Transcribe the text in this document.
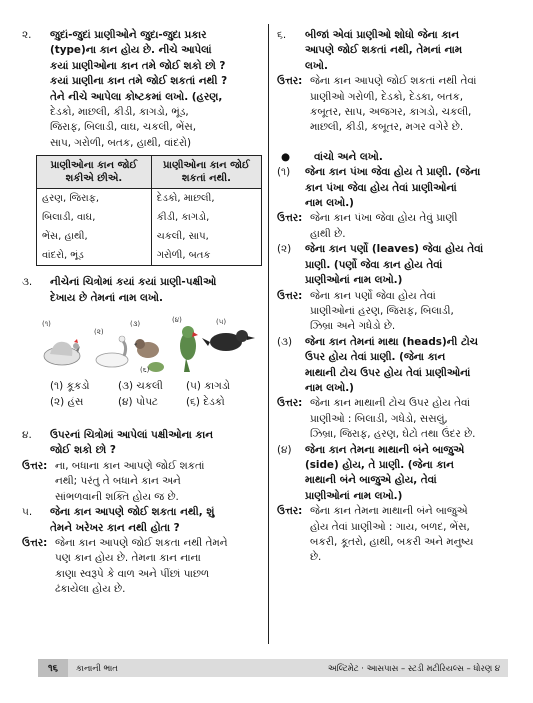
૨.	જુદાં-જુદાં પ્રાણીઓને જુદા-જુદા પ્રકાર
(type)ના કાન હોય છે. નીચે આપેલાં
કયાં પ્રાણીઓના કાન તમે જોઈ શકો છો ?
કયાં પ્રાણીના કાન તમે જોઈ શકતાં નથી ?
તેને નીચે આપેલા કોષ્ટકમાં લખો. (હરણ,
દેડકો, માછલી, કીડી, કાગડો, ભૂંડ,
જિરાફ, બિલાડી, વાઘ, ચકલી, ભેંસ,
સાપ, ગરોળી, બતક, હાથી, વાંદરો)
પ્રાણીઓના કાન જોઈ શકીએ છીએ.	પ્રાણીઓના કાન જોઈ શકતાં નથી.
હરણ, જિરાફ,	દેડકો, માછલી,
બિલાડી, વાઘ,	કીડી, કાગડો,
ભેંસ, હાથી,	ચકલી, સાપ,
વાંદરો, ભૂંડ	ગરોળી, બતક
૩.	નીચેનાં ચિત્રોમાં કયાં કયાં પ્રાણી-પક્ષીઓ
દેખાય છે તેમનાં નામ લખો.
(૧)
(૨)
(૩)	(૪)	(૫)
(૬)
(૧) કૂકડો	(૩) ચકલી	(૫) કાગડો
(૨) હંસ	(૪) પોપટ	(૬) દેડકો
૪.	ઉપરનાં ચિત્રોમાં આપેલાં પક્ષીઓના કાન
જોઈ શકો છો ?
ઉત્તર: ના, બધાના કાન આપણે જોઈ શકતાં
નથી; પરંતુ તે બધાને કાન અને
સાંભળવાની શક્તિ હોય જ છે.
૫.	જેના કાન આપણે જોઈ શકતા નથી, શું
તેમને ખરેખર કાન નથી હોતા ?
ઉત્તર: જેના કાન આપણે જોઈ શકતા નથી તેમને
પણ કાન હોય છે. તેમના કાન નાના
કાણા સ્વરૂપે કે વાળ અને પીંછાં પાછળ
ઢંકાયેલા હોય છે.
૬.	બીજાં એવાં પ્રાણીઓ શોધો જેના કાન
આપણે જોઈ શકતાં નથી, તેમનાં નામ
લખો.
ઉત્તર: જેના કાન આપણે જોઈ શકતાં નથી તેવાં
પ્રાણીઓ ગરોળી, દેડકો, દેડકા, બતક,
કબૂતર, સાપ, અજગર, કાગડો, ચકલી,
માછલી, કીડી, કબૂતર, મગર વગેરે છે.
●	વાંચો અને લખો.
(૧)	જેના કાન પંખા જેવા હોય તે પ્રાણી. (જેના
કાન પંખા જેવા હોય તેવાં પ્રાણીઓનાં
નામ લખો.)
ઉત્તર: જેના કાન પંખા જેવા હોય તેવું પ્રાણી
હાથી છે.
(૨)	જેના કાન પર્ણો (leaves) જેવા હોય તેવાં
પ્રાણી. (પર્ણો જેવા કાન હોય તેવાં
પ્રાણીઓનાં નામ લખો.)
ઉત્તર: જેના કાન પર્ણો જેવા હોય તેવાં
પ્રાણીઓનાં હરણ, જિરાફ, બિલાડી,
ઝિબ્રા અને ગધેડો છે.
(૩)	જેના કાન તેમનાં માથા (heads)ની ટોચ
ઉપર હોય તેવાં પ્રાણી. (જેના કાન
માથાની ટોચ ઉપર હોય તેવાં પ્રાણીઓનાં
નામ લખો.)
ઉત્તર: જેના કાન માથાની ટોચ ઉપર હોય તેવાં
પ્રાણીઓ : બિલાડી, ગધેડો, સસલું,
ઝિબ્રા, જિરાફ, હરણ, ઘેટો તથા ઉંદર છે.
(૪)	જેના કાન તેમના માથાની બંને બાજુએ
(side) હોય, તે પ્રાણી. (જેના કાન
માથાની બંને બાજુએ હોય, તેવાં
પ્રાણીઓનાં નામ લખો.)
ઉત્તર: જેના કાન તેમના માથાની બંને બાજુએ
હોય તેવાં પ્રાણીઓ : ગાય, બળદ, ભેંસ,
બકરી, કૂતરો, હાથી, બકરી અને મનુષ્ય
છે.
૧૬	કાનાની ભાત	અલ્ટિમેટ · આસપાસ – સ્ટડી મટીરિયલ્સ – ધોરણ ૪
